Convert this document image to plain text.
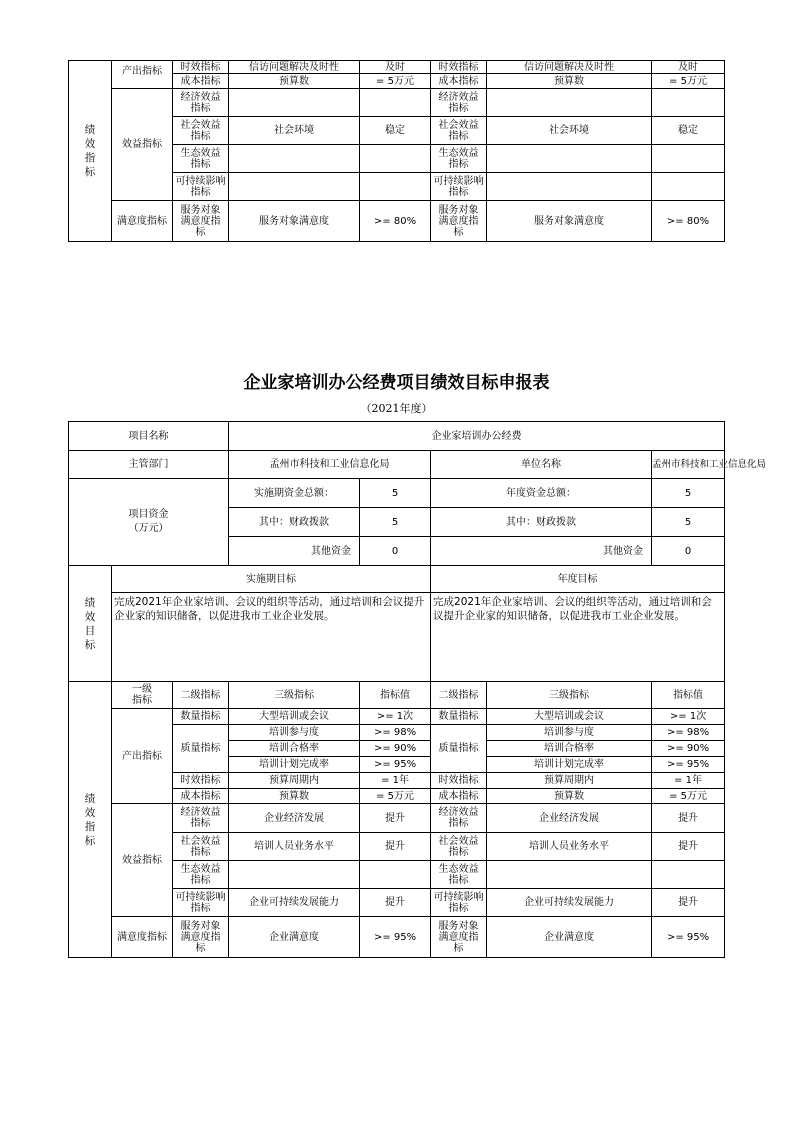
绩效指标	产出指标	时效指标	信访问题解决及时性	及时	时效指标	信访问题解决及时性	及时
		成本指标	预算数	= 5万元	成本指标	预算数	= 5万元
	效益指标	经济效益指标			经济效益指标		
		社会效益指标	社会环境	稳定	社会效益指标	社会环境	稳定
		生态效益指标			生态效益指标		
		可持续影响指标			可持续影响指标		
	满意度指标	服务对象满意度指标	服务对象满意度	>= 80%	服务对象满意度指标	服务对象满意度	>= 80%
企业家培训办公经费项目绩效目标申报表
（2021年度）
项目名称			企业家培训办公经费				
主管部门			孟州市科技和工业信息化局		单位名称		孟州市科技和工业信息化局

项目资金
（万元）			实施期资金总额：	5	年度资金总额：		5
			其中：财政拨款	5	其中：财政拨款		5
			其他资金	0	其他资金		0
绩效目标	实施期目标				年度目标		
	完成2021年企业家培训、会议的组织等活动，通过培训和会议提升企业家的知识储备，以促进我市工业企业发展。				完成2021年企业家培训、会议的组织等活动，通过培训和会议提升企业家的知识储备，以促进我市工业企业发展。		
绩效指标	一级指标	二级指标	三级指标	指标值	二级指标	三级指标	指标值
	产出指标	数量指标	大型培训或会议	>= 1次	数量指标	大型培训或会议	>= 1次
		质量指标	培训参与度	>= 98%	质量指标	培训参与度	>= 98%
			培训合格率	>= 90%		培训合格率	>= 90%
			培训计划完成率	>= 95%		培训计划完成率	>= 95%
		时效指标	预算周期内	= 1年	时效指标	预算周期内	= 1年
		成本指标	预算数	= 5万元	成本指标	预算数	= 5万元
	效益指标	经济效益指标	企业经济发展	提升	经济效益指标	企业经济发展	提升
		社会效益指标	培训人员业务水平	提升	社会效益指标	培训人员业务水平	提升
		生态效益指标			生态效益指标		
		可持续影响指标	企业可持续发展能力	提升	可持续影响指标	企业可持续发展能力	提升
	满意度指标	服务对象满意度指标	企业满意度	>= 95%	服务对象满意度指标	企业满意度	>= 95%
